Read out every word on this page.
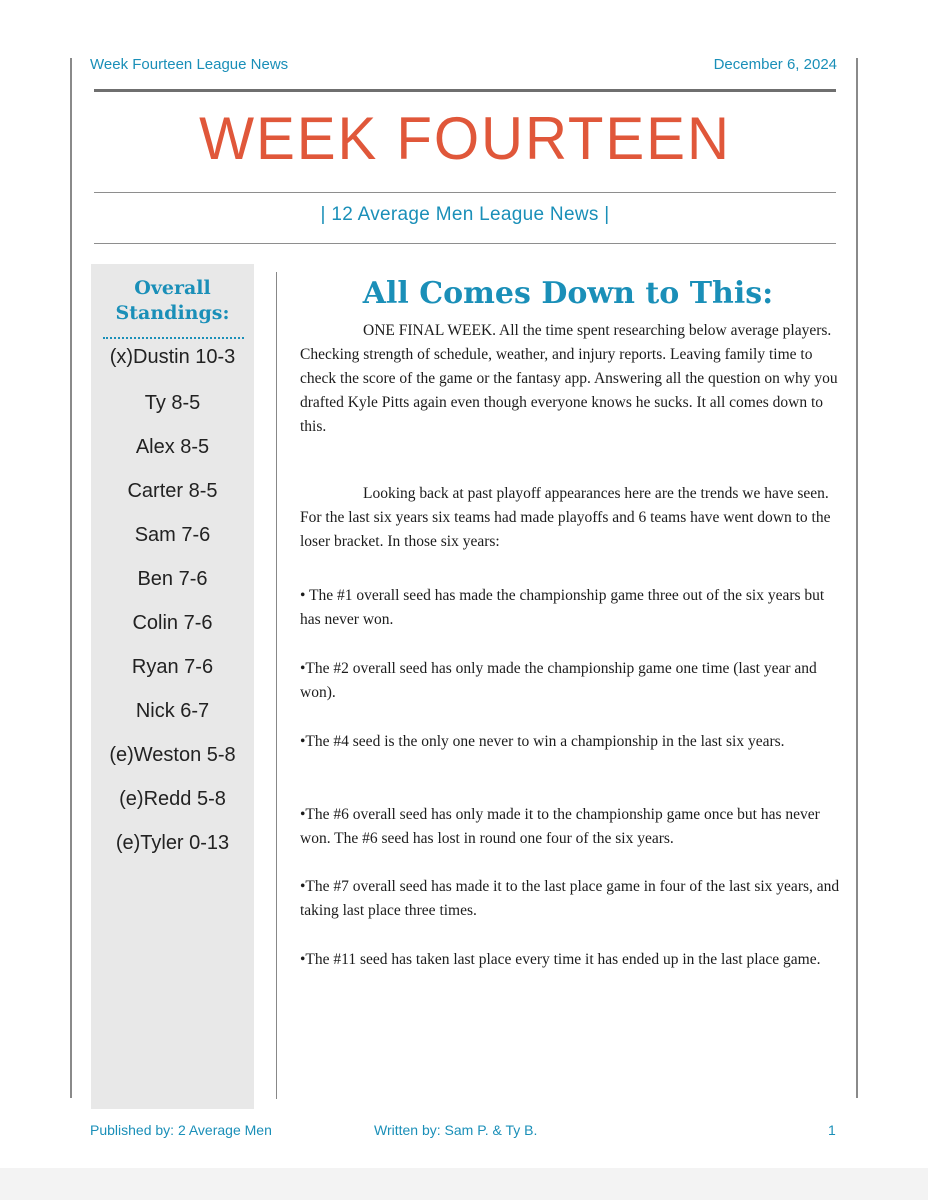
Week Fourteen League News	December 6, 2024
WEEK FOURTEEN
| 12 Average Men League News |
Overall Standings:
(x)Dustin 10-3
Ty 8-5
Alex 8-5
Carter 8-5
Sam 7-6
Ben 7-6
Colin 7-6
Ryan 7-6
Nick 6-7
(e)Weston 5-8
(e)Redd 5-8
(e)Tyler 0-13
All Comes Down to This:

ONE FINAL WEEK. All the time spent researching below average players. Checking strength of schedule, weather, and injury reports. Leaving family time to check the score of the game or the fantasy app. Answering all the question on why you drafted Kyle Pitts again even though everyone knows he sucks. It all comes down to this.

Looking back at past playoff appearances here are the trends we have seen. For the last six years six teams had made playoffs and 6 teams have went down to the loser bracket. In those six years:

• The #1 overall seed has made the championship game three out of the six years but has never won.

•The #2 overall seed has only made the championship game one time (last year and won).

•The #4 seed is the only one never to win a championship in the last six years.

•The #6 overall seed has only made it to the championship game once but has never won. The #6 seed has lost in round one four of the six years.

•The #7 overall seed has made it to the last place game in four of the last six years, and taking last place three times.

•The #11 seed has taken last place every time it has ended up in the last place game.

Published by: 2 Average Men	Written by: Sam P. & Ty B.	1
